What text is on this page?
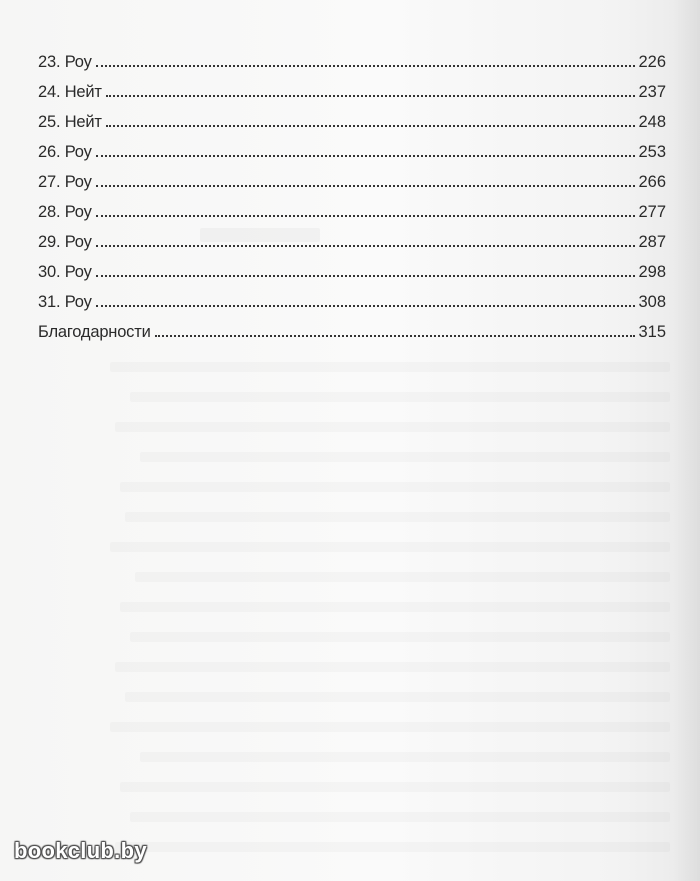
23. Роу	226
24. Нейт	237
25. Нейт	248
26. Роу	253
27. Роу	266
28. Роу	277
29. Роу	287
30. Роу	298
31. Роу	308
Благодарности	315
bookclub.by
